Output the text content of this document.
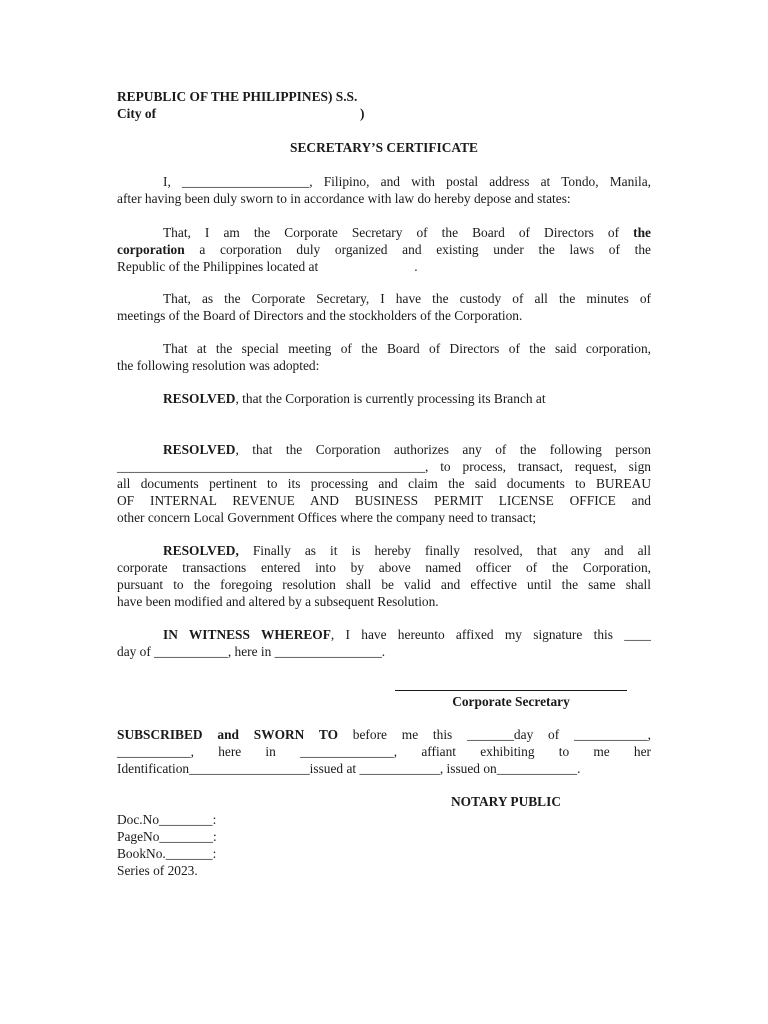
REPUBLIC OF THE PHILIPPINES) S.S.
City of	)
SECRETARY’S CERTIFICATE
I, ___________________, Filipino, and with postal address at Tondo, Manila,
after having been duly sworn to in accordance with law do hereby depose and states:
That, I am the Corporate Secretary of the Board of Directors of the
corporation a corporation duly organized and existing under the laws of the
Republic of the Philippines located at	.
That, as the Corporate Secretary, I have the custody of all the minutes of
meetings of the Board of Directors and the stockholders of the Corporation.
That at the special meeting of the Board of Directors of the said corporation,
the following resolution was adopted:
RESOLVED, that the Corporation is currently processing its Branch at
RESOLVED, that the Corporation authorizes any of the following person
______________________________________________, to process, transact, request, sign
all documents pertinent to its processing and claim the said documents to BUREAU
OF INTERNAL REVENUE AND BUSINESS PERMIT LICENSE OFFICE and
other concern Local Government Offices where the company need to transact;
RESOLVED, Finally as it is hereby finally resolved, that any and all
corporate transactions entered into by above named officer of the Corporation,
pursuant to the foregoing resolution shall be valid and effective until the same shall
have been modified and altered by a subsequent Resolution.
IN WITNESS WHEREOF, I have hereunto affixed my signature this ____
day of ___________, here in ________________.
Corporate Secretary
SUBSCRIBED and SWORN TO before me this _______day of ___________,
___________,    here    in    ______________,    affiant    exhibiting    to    me    her
Identification__________________issued at ____________, issued on____________.
NOTARY PUBLIC
Doc.No________:
PageNo________:
BookNo._______:
Series of 2023.
